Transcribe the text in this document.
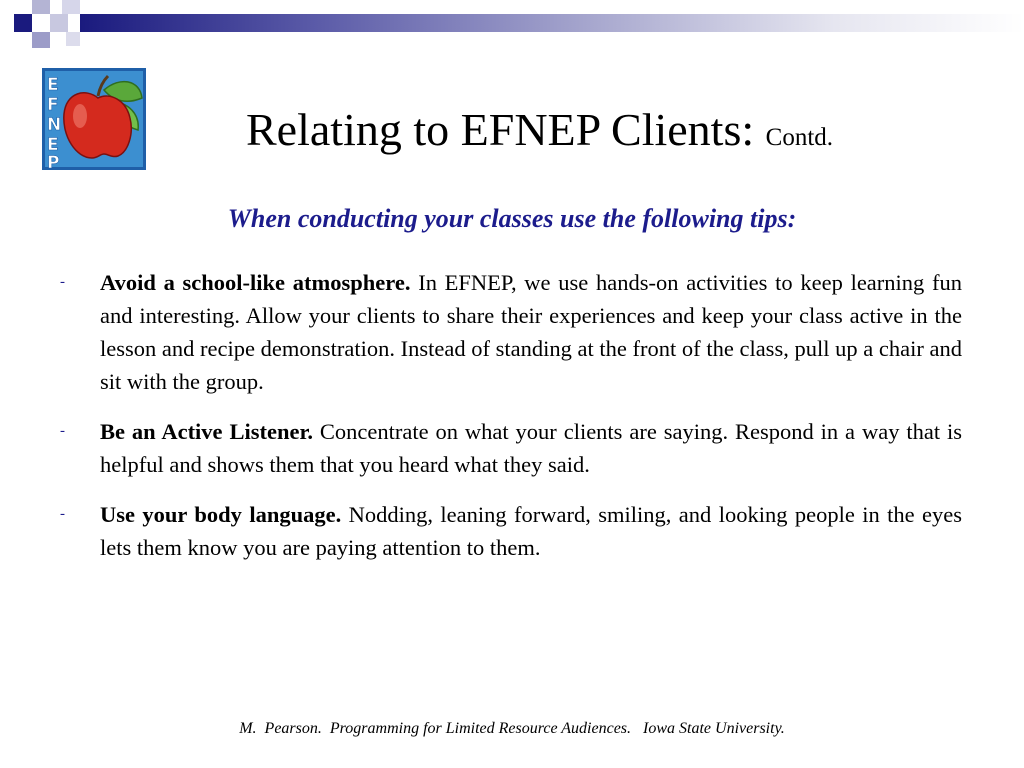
E
F
N
E
P
Relating to EFNEP Clients: Contd.
When conducting your classes use the following tips:
- Avoid a school-like atmosphere. In EFNEP, we use hands-on activities to keep learning fun and interesting. Allow your clients to share their experiences and keep your class active in the lesson and recipe demonstration. Instead of standing at the front of the class, pull up a chair and sit with the group.
- Be an Active Listener. Concentrate on what your clients are saying. Respond in a way that is helpful and shows them that you heard what they said.
- Use your body language. Nodding, leaning forward, smiling, and looking people in the eyes lets them know you are paying attention to them.
M.  Pearson.  Programming for Limited Resource Audiences.   Iowa State University.
